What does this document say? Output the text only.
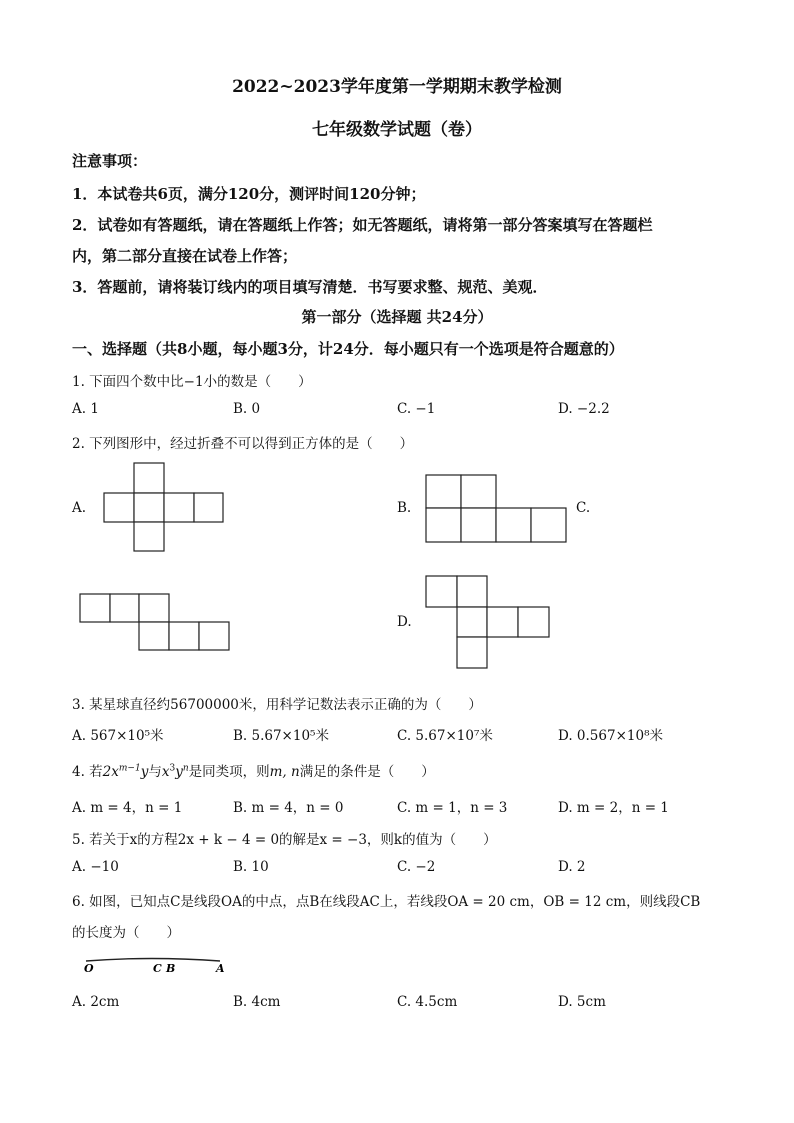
2022~2023学年度第一学期期末教学检测
七年级数学试题（卷）
注意事项：
1．本试卷共6页，满分120分，测评时间120分钟；
2．试卷如有答题纸，请在答题纸上作答；如无答题纸，请将第一部分答案填写在答题栏
内，第二部分直接在试卷上作答；
3．答题前，请将装订线内的项目填写清楚．书写要求整、规范、美观．
第一部分（选择题 共24分）
一、选择题（共8小题，每小题3分，计24分．每小题只有一个选项是符合题意的）
1. 下面四个数中比−1小的数是（　　）
A. 1	B. 0	C. −1	D. −2.2
2. 下列图形中，经过折叠不可以得到正方体的是（　　）
A.	B.	C.
D.
3. 某星球直径约56700000米，用科学记数法表示正确的为（　　）
A. 567×10⁵米	B. 5.67×10⁵米	C. 5.67×10⁷米	D. 0.567×10⁸米
4. 若$2x^{m-1}y$与$x^3y^n$是同类项，则m, n满足的条件是（　　）
A. m = 4，n = 1	B. m = 4，n = 0	C. m = 1，n = 3	D. m = 2，n = 1
5. 若关于x的方程2x + k − 4 = 0的解是x = −3，则k的值为（　　）
A. −10	B. 10	C. −2	D. 2
6. 如图，已知点C是线段OA的中点，点B在线段AC上，若线段OA = 20 cm，OB = 12 cm，则线段CB
的长度为（　　）
O	C B	A
A. 2cm	B. 4cm	C. 4.5cm	D. 5cm
